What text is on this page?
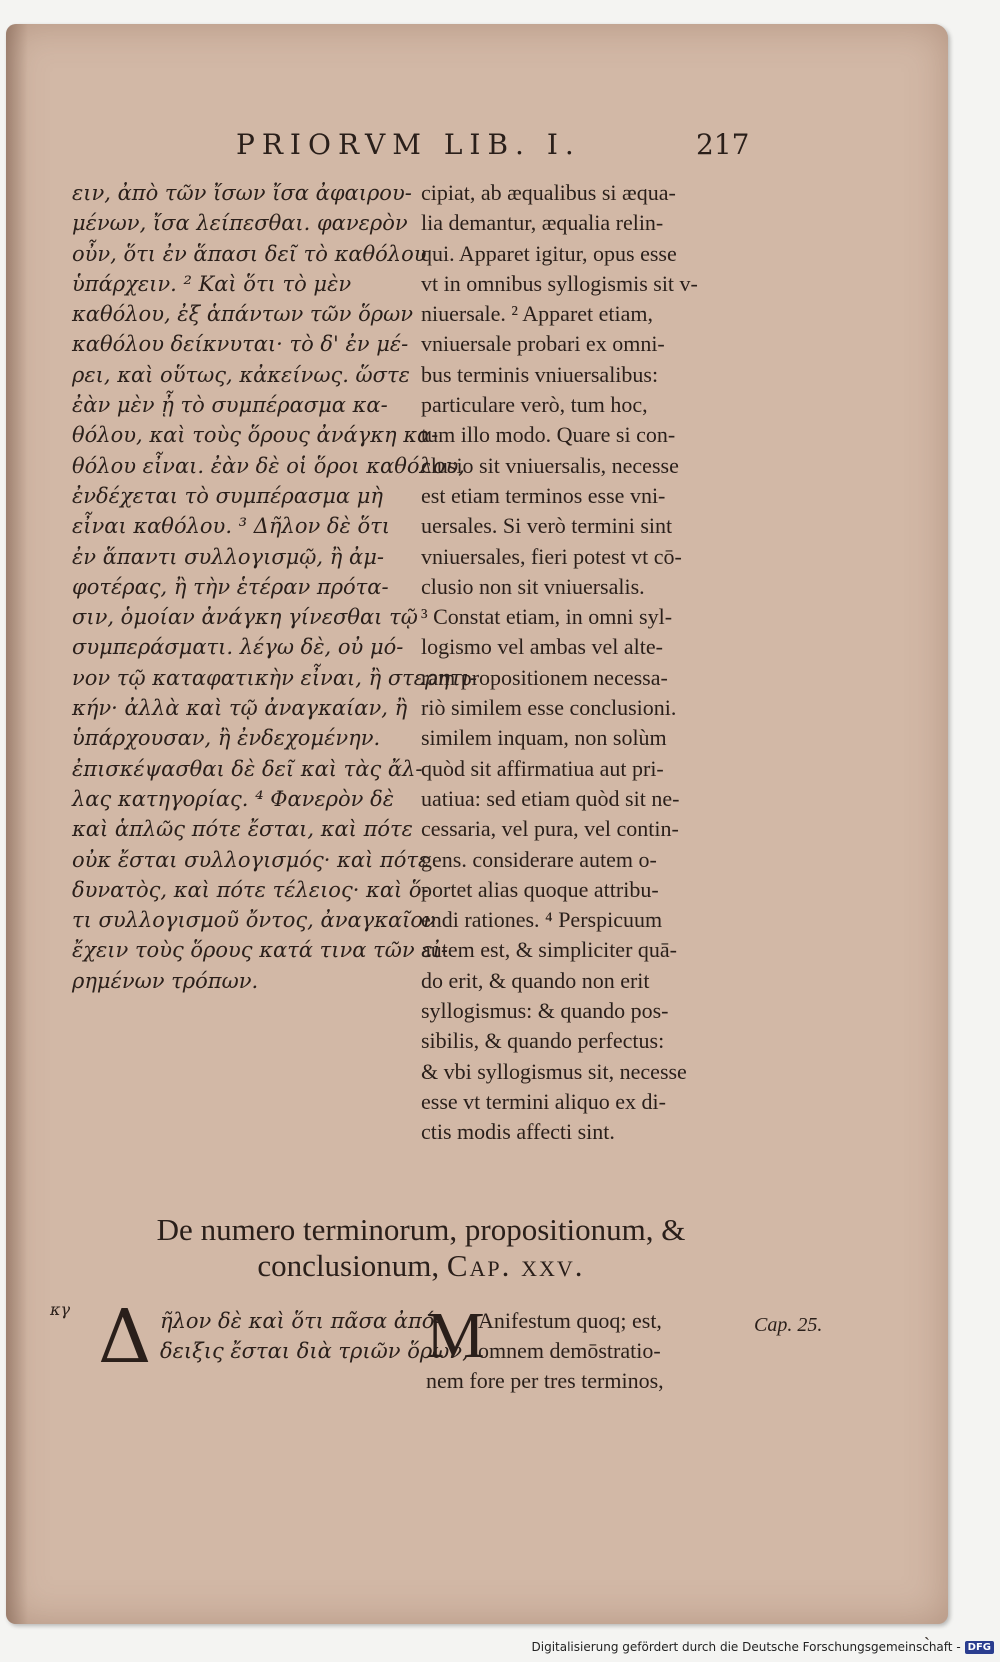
PRIORVM LIB. I.	217
ειν, ἀπὸ τῶν ἴσων ἴσα ἀφαιρου-
μένων, ἴσα λείπεσθαι. φανερὸν
οὖν, ὅτι ἐν ἅπασι δεῖ τὸ καθόλου
ὑπάρχειν. ² Καὶ ὅτι τὸ μὲν
καθόλου, ἐξ ἁπάντων τῶν ὅρων
καθόλου δείκνυται· τὸ δ' ἐν μέ-
ρει, καὶ οὕτως, κἀκείνως. ὥστε
ἐὰν μὲν ᾖ τὸ συμπέρασμα κα-
θόλου, καὶ τοὺς ὅρους ἀνάγκη κα-
θόλου εἶναι. ἐὰν δὲ οἱ ὅροι καθόλου,
ἐνδέχεται τὸ συμπέρασμα μὴ
εἶναι καθόλου. ³ Δῆλον δὲ ὅτι
ἐν ἅπαντι συλλογισμῷ, ἢ ἀμ-
φοτέρας, ἢ τὴν ἑτέραν πρότα-
σιν, ὁμοίαν ἀνάγκη γίνεσθαι τῷ
συμπεράσματι. λέγω δὲ, οὐ μό-
νον τῷ καταφατικὴν εἶναι, ἢ στερητι-
κήν· ἀλλὰ καὶ τῷ ἀναγκαίαν, ἢ
ὑπάρχουσαν, ἢ ἐνδεχομένην.
ἐπισκέψασθαι δὲ δεῖ καὶ τὰς ἄλ-
λας κατηγορίας. ⁴ Φανερὸν δὲ
καὶ ἁπλῶς πότε ἔσται, καὶ πότε
οὐκ ἔσται συλλογισμός· καὶ πότε
δυνατὸς, καὶ πότε τέλειος· καὶ ὅ-
τι συλλογισμοῦ ὄντος, ἀναγκαῖον
ἔχειν τοὺς ὅρους κατά τινα τῶν εἰ-
ρημένων τρόπων.
cipiat, ab æqualibus si æqua-
lia demantur, æqualia relin-
qui. Apparet igitur, opus esse
vt in omnibus syllogismis sit v-
niuersale. ² Apparet etiam,
vniuersale probari ex omni-
bus terminis vniuersalibus:
particulare verò, tum hoc,
tum illo modo. Quare si con-
clusio sit vniuersalis, necesse
est etiam terminos esse vni-
uersales. Si verò termini sint
vniuersales, fieri potest vt cō-
clusio non sit vniuersalis.
³ Constat etiam, in omni syl-
logismo vel ambas vel alte-
ram propositionem necessa-
riò similem esse conclusioni.
similem inquam, non solùm
quòd sit affirmatiua aut pri-
uatiua: sed etiam quòd sit ne-
cessaria, vel pura, vel contin-
gens. considerare autem o-
portet alias quoque attribu-
endi rationes. ⁴ Perspicuum
autem est, & simpliciter quā-
do erit, & quando non erit
syllogismus: & quando pos-
sibilis, & quando perfectus:
& vbi syllogismus sit, necesse
esse vt termini aliquo ex di-
ctis modis affecti sint.
De numero terminorum, propositionum, &
conclusionum, Cap. xxv.
κγ Δ ῆλον δὲ καὶ ὅτι πᾶσα ἀπό-
δειξις ἔσται διὰ τριῶν ὅρων,
M
Anifestum quoq; est,
omnem demōstratio-
nem fore per tres terminos,
Cap. 25.
ˎ
Digitalisierung gefördert durch die Deutsche Forschungsgemeinschaft - DFG
